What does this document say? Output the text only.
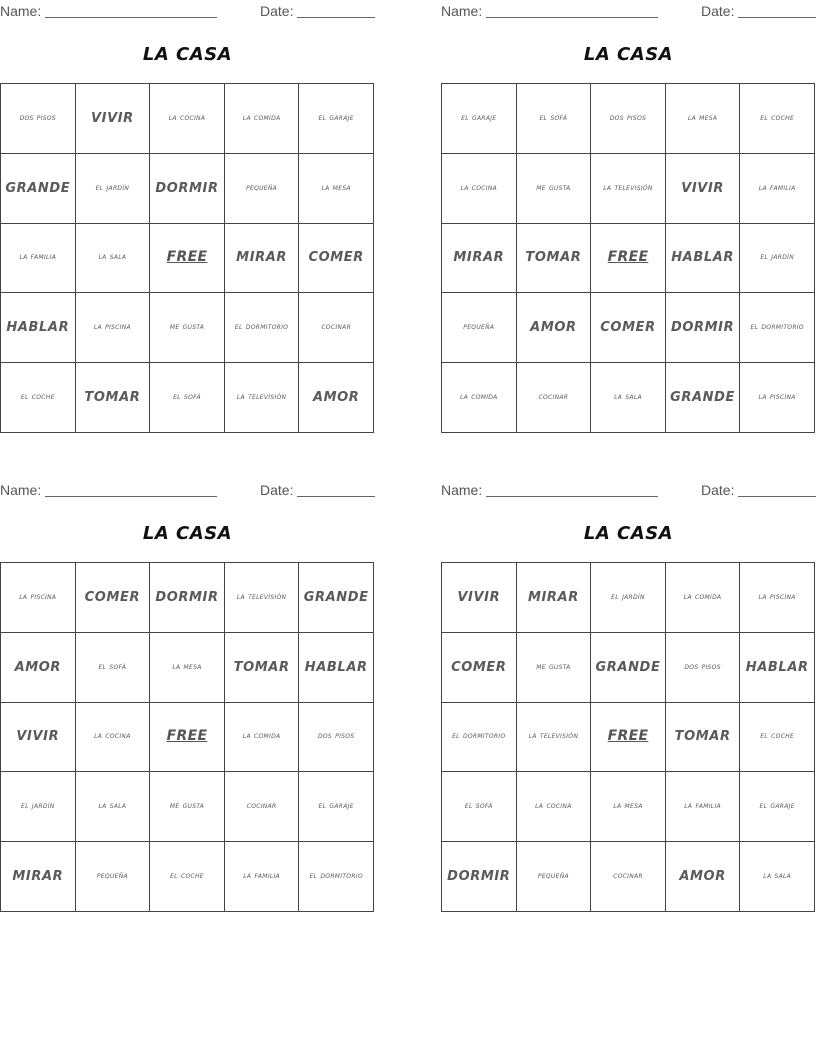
Name:	Date:
LA CASA
dos pisos	VIVIR	la cocina	la comida	el garaje
GRANDE	el jardín	DORMIR	pequeña	la mesa
la familia	la sala	FREE	MIRAR	COMER
HABLAR	la piscina	me gusta	el dormitorio	cocinar
el coche	TOMAR	el sofá	la televisión	AMOR
Name:	Date:
LA CASA
el garaje	el sofá	dos pisos	la mesa	el coche
la cocina	me gusta	la televisión	VIVIR	la familia
MIRAR	TOMAR	FREE	HABLAR	el jardín
pequeña	AMOR	COMER	DORMIR	el dormitorio
la comida	cocinar	la sala	GRANDE	la piscina
Name:	Date:
LA CASA
la piscina	COMER	DORMIR	la televisión	GRANDE
AMOR	el sofá	la mesa	TOMAR	HABLAR
VIVIR	la cocina	FREE	la comida	dos pisos
el jardín	la sala	me gusta	cocinar	el garaje
MIRAR	pequeña	el coche	la familia	el dormitorio
Name:	Date:
LA CASA
VIVIR	MIRAR	el jardín	la comida	la piscina
COMER	me gusta	GRANDE	dos pisos	HABLAR
el dormitorio	la televisión	FREE	TOMAR	el coche
el sofá	la cocina	la mesa	la familia	el garaje
DORMIR	pequeña	cocinar	AMOR	la sala
